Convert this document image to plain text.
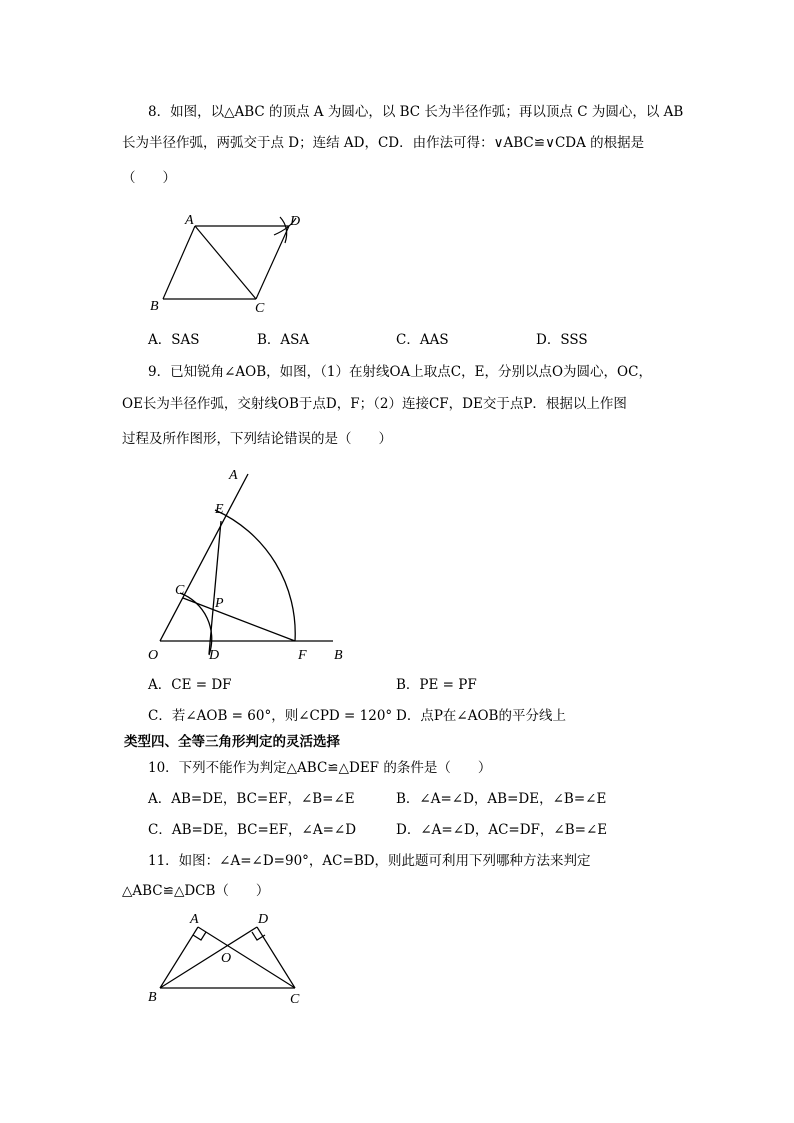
8．如图，以△ABC 的顶点 A 为圆心，以 BC 长为半径作弧；再以顶点 C 为圆心，以 AB
长为半径作弧，两弧交于点 D；连结 AD，CD．由作法可得：∨ABC≌∨CDA 的根据是
（　　）
A	D
B	C
A．SAS	B．ASA	C．AAS	D．SSS
9．已知锐角∠AOB，如图，（1）在射线OA上取点C，E，分别以点O为圆心，OC，
OE长为半径作弧，交射线OB于点D，F；（2）连接CF，DE交于点P．根据以上作图
过程及所作图形，下列结论错误的是（　　）
A
E
C
P
O	D	F B
A．CE = DF	B．PE = PF
C．若∠AOB = 60°，则∠CPD = 120° D．点P在∠AOB的平分线上
类型四、全等三角形判定的灵活选择
10．下列不能作为判定△ABC≌△DEF 的条件是（　　）
A．AB=DE，BC=EF，∠B=∠E	B．∠A=∠D，AB=DE，∠B=∠E
C．AB=DE，BC=EF，∠A=∠D	D．∠A=∠D，AC=DF，∠B=∠E
11．如图：∠A=∠D=90°，AC=BD，则此题可利用下列哪种方法来判定
△ABC≌△DCB（　　）
A	D
O
B	C
